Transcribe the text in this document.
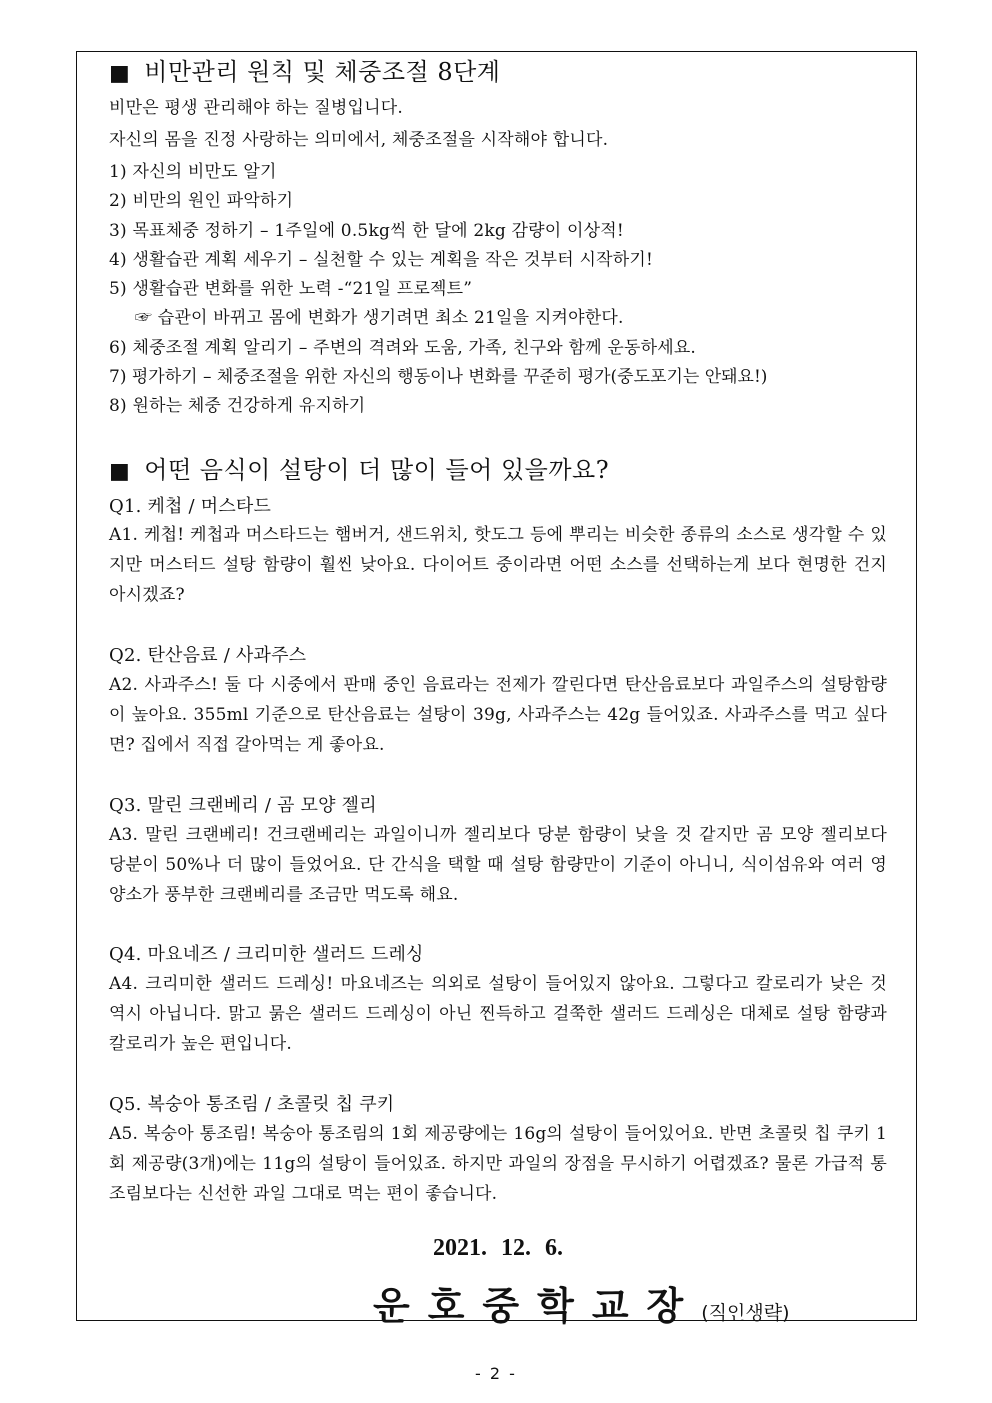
■ 비만관리 원칙 및 체중조절 8단계
비만은 평생 관리해야 하는 질병입니다.
자신의 몸을 진정 사랑하는 의미에서, 체중조절을 시작해야 합니다.
1) 자신의 비만도 알기
2) 비만의 원인 파악하기
3) 목표체중 정하기 – 1주일에 0.5kg씩 한 달에 2kg 감량이 이상적!
4) 생활습관 계획 세우기 – 실천할 수 있는 계획을 작은 것부터 시작하기!
5) 생활습관 변화를 위한 노력 -“21일 프로젝트”
☞ 습관이 바뀌고 몸에 변화가 생기려면 최소 21일을 지켜야한다.
6) 체중조절 계획 알리기 – 주변의 격려와 도움, 가족, 친구와 함께 운동하세요.
7) 평가하기 – 체중조절을 위한 자신의 행동이나 변화를 꾸준히 평가(중도포기는 안돼요!)
8) 원하는 체중 건강하게 유지하기
■ 어떤 음식이 설탕이 더 많이 들어 있을까요?
Q1. 케첩 / 머스타드
A1. 케첩! 케첩과 머스타드는 햄버거, 샌드위치, 핫도그 등에 뿌리는 비슷한 종류의 소스로 생각할 수 있지만 머스터드 설탕 함량이 훨씬 낮아요. 다이어트 중이라면 어떤 소스를 선택하는게 보다 현명한 건지 아시겠죠?
Q2. 탄산음료 / 사과주스
A2. 사과주스! 둘 다 시중에서 판매 중인 음료라는 전제가 깔린다면 탄산음료보다 과일주스의 설탕함량이 높아요. 355ml 기준으로 탄산음료는 설탕이 39g, 사과주스는 42g 들어있죠. 사과주스를 먹고 싶다면? 집에서 직접 갈아먹는 게 좋아요.
Q3. 말린 크랜베리 / 곰 모양 젤리
A3. 말린 크랜베리! 건크랜베리는 과일이니까 젤리보다 당분 함량이 낮을 것 같지만 곰 모양 젤리보다 당분이 50%나 더 많이 들었어요. 단 간식을 택할 때 설탕 함량만이 기준이 아니니, 식이섬유와 여러 영양소가 풍부한 크랜베리를 조금만 먹도록 해요.
Q4. 마요네즈 / 크리미한 샐러드 드레싱
A4. 크리미한 샐러드 드레싱! 마요네즈는 의외로 설탕이 들어있지 않아요. 그렇다고 칼로리가 낮은 것 역시 아닙니다. 맑고 묽은 샐러드 드레싱이 아닌 찐득하고 걸쭉한 샐러드 드레싱은 대체로 설탕 함량과 칼로리가 높은 편입니다.
Q5. 복숭아 통조림 / 초콜릿 칩 쿠키
A5. 복숭아 통조림! 복숭아 통조림의 1회 제공량에는 16g의 설탕이 들어있어요. 반면 초콜릿 칩 쿠키 1회 제공량(3개)에는 11g의 설탕이 들어있죠. 하지만 과일의 장점을 무시하기 어렵겠죠? 물론 가급적 통조림보다는 신선한 과일 그대로 먹는 편이 좋습니다.
2021. 12. 6.
운호중학교장(직인생략)
- 2 -
